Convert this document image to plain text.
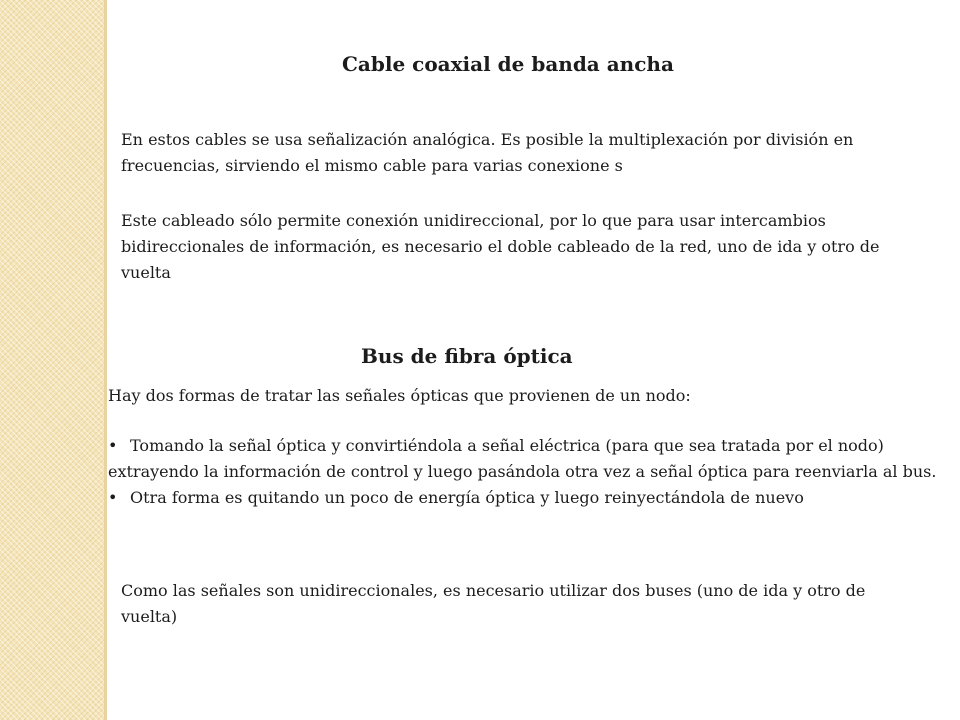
Cable coaxial de banda ancha

En estos cables se usa señalización analógica. Es posible la multiplexación por división en frecuencias, sirviendo el mismo cable para varias conexione s

Este cableado sólo permite conexión unidireccional, por lo que para usar intercambios bidireccionales de información, es necesario el doble cableado de la red, uno de ida y otro de vuelta

Bus de fibra óptica

Hay dos formas de tratar las señales ópticas que provienen de un nodo:

• Tomando la señal óptica y convirtiéndola a señal eléctrica (para que sea tratada por el nodo) extrayendo la información de control y luego pasándola otra vez a señal óptica para reenviarla al bus.
• Otra forma es quitando un poco de energía óptica y luego reinyectándola de nuevo

Como las señales son unidireccionales, es necesario utilizar dos buses (uno de ida y otro de vuelta)
